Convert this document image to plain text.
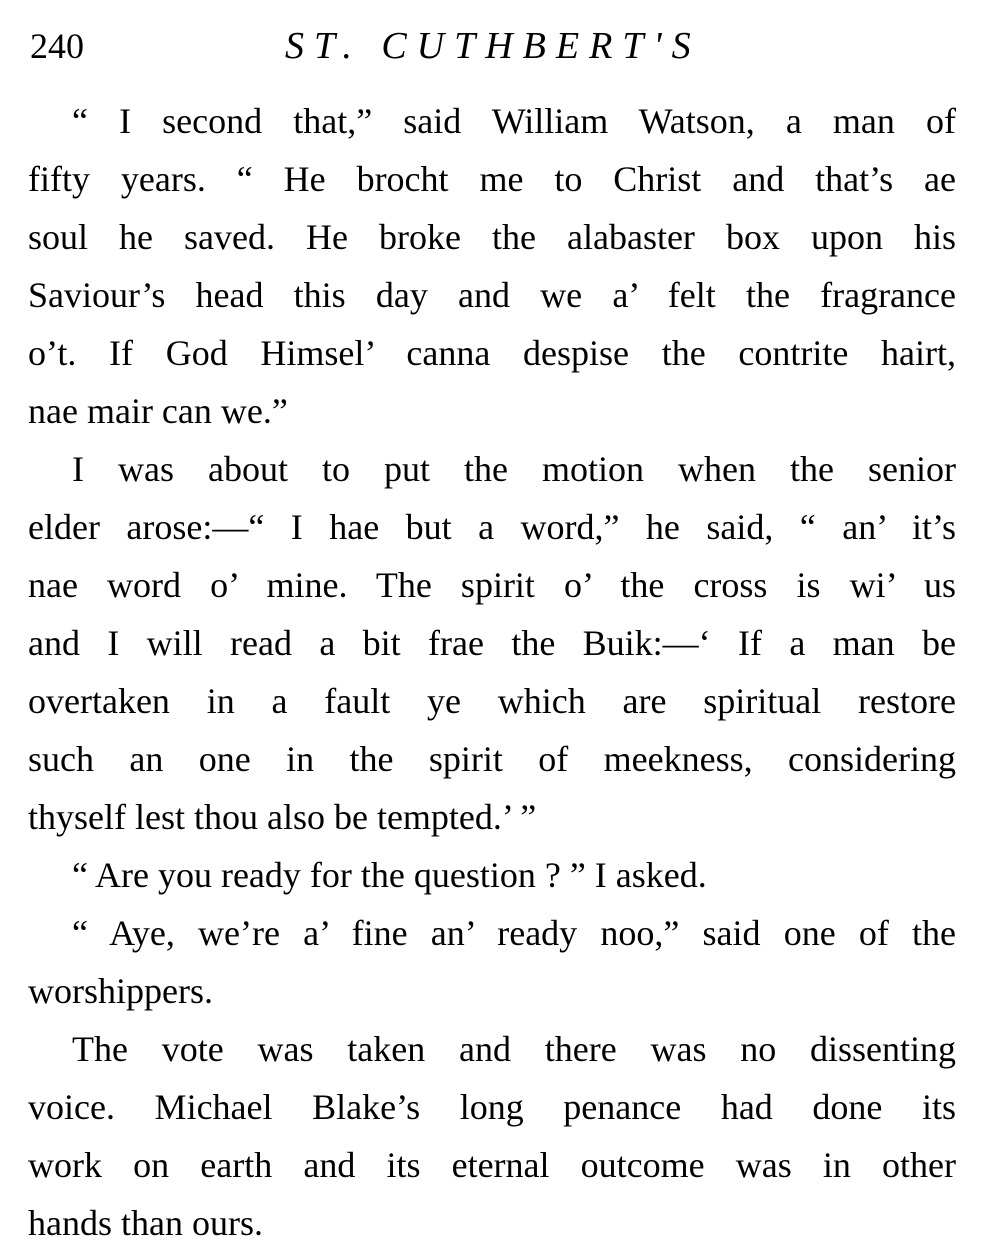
240	ST. CUTHBERT'S

“ I second that,” said William Watson, a man of
fifty years. “ He brocht me to Christ and that’s ae
soul he saved. He broke the alabaster box upon his
Saviour’s head this day and we a’ felt the fragrance
o’t. If God Himsel’ canna despise the contrite hairt,
nae mair can we.”

I was about to put the motion when the senior
elder arose:—“ I hae but a word,” he said, “ an’ it’s
nae word o’ mine. The spirit o’ the cross is wi’ us
and I will read a bit frae the Buik:—‘ If a man be
overtaken in a fault ye which are spiritual restore
such an one in the spirit of meekness, considering
thyself lest thou also be tempted.’ ”

“ Are you ready for the question ? ” I asked.

“ Aye, we’re a’ fine an’ ready noo,” said one of the
worshippers.

The vote was taken and there was no dissenting
voice. Michael Blake’s long penance had done its
work on earth and its eternal outcome was in other
hands than ours.
